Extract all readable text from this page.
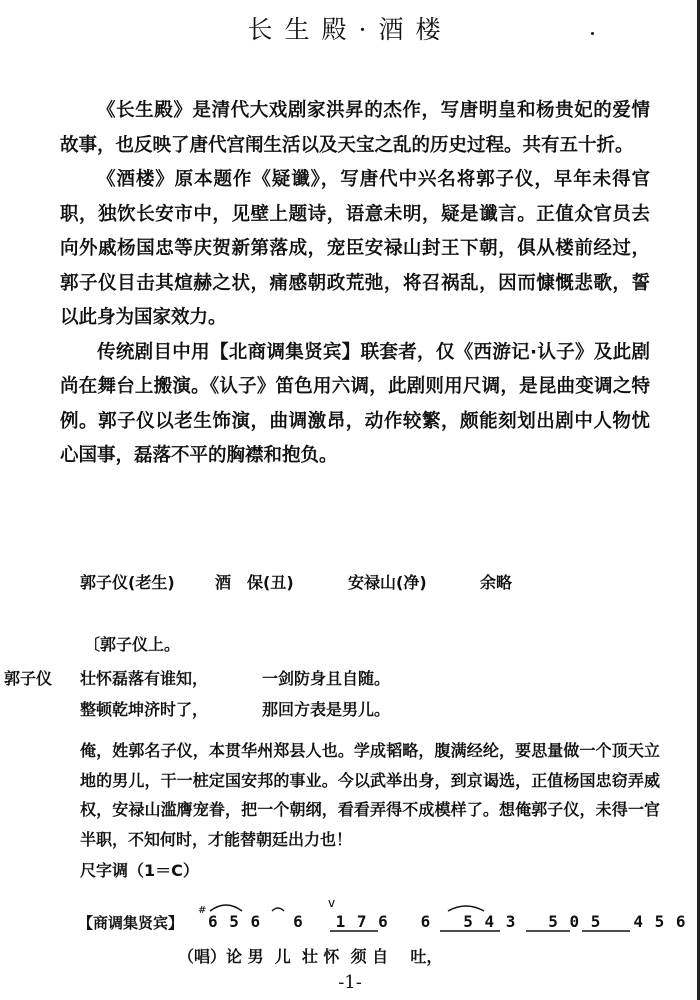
长生殿·酒楼

《长生殿》是清代大戏剧家洪昇的杰作，写唐明皇和杨贵妃的爱情故事，也反映了唐代宫闱生活以及天宝之乱的历史过程。共有五十折。

《酒楼》原本题作《疑谶》，写唐代中兴名将郭子仪，早年未得官职，独饮长安市中，见壁上题诗，语意未明，疑是谶言。正值众官员去向外戚杨国忠等庆贺新第落成，宠臣安禄山封王下朝，俱从楼前经过，郭子仪目击其煊赫之状，痛感朝政荒弛，将召祸乱，因而慷慨悲歌，誓以此身为国家效力。

传统剧目中用【北商调集贤宾】联套者，仅《西游记·认子》及此剧尚在舞台上搬演。《认子》笛色用六调，此剧则用尺调，是昆曲变调之特例。郭子仪以老生饰演，曲调激昂，动作较繁，颇能刻划出剧中人物忧心国事，磊落不平的胸襟和抱负。

郭子仪(老生)

	酒　保(丑)

	安禄山(净)

	余略

〔郭子仪上。
郭子仪 壮怀磊落有谁知，	一剑防身且自随。
整顿乾坤济时了，	那回方表是男儿。
俺，姓郭名子仪，本贯华州郑县人也。学成韬略，腹满经纶，要思量做一个顶天立地的男儿，干一桩定国安邦的事业。今以武举出身，到京谒选，正值杨国忠窃弄威权，安禄山滥膺宠眷，把一个朝纲，看看弄得不成模样了。想俺郭子仪，未得一官半职，不知何时，才能替朝廷出力也！
尺字调（1＝C）
【商调集贤宾】
#
v
6 5 6   6   1 7 6   6   5 4 3   5 0 5   4 5 6
（唱）论 男  儿  壮 怀  须 自    吐，
-1-
